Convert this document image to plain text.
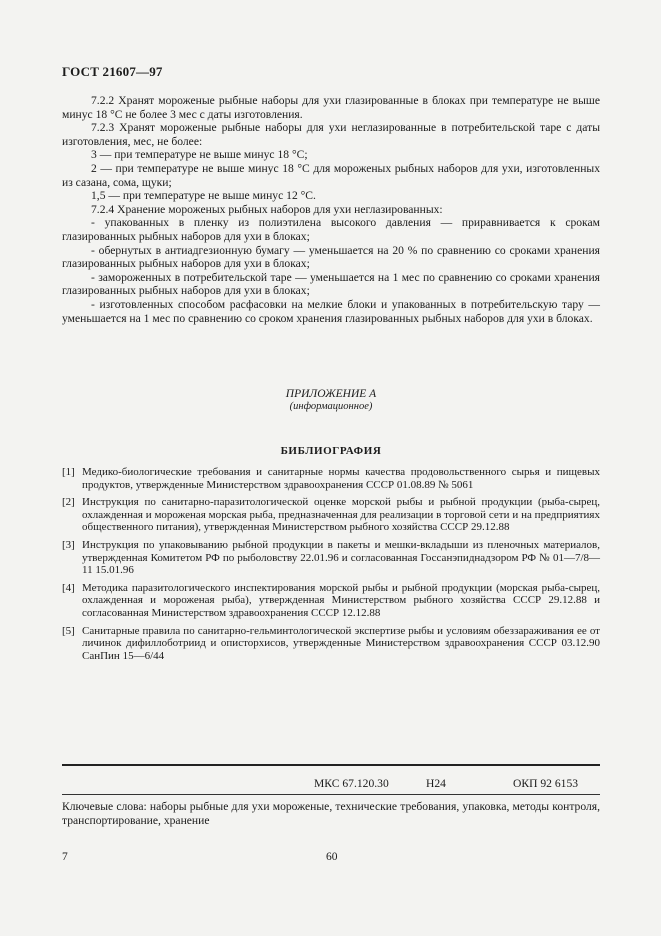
ГОСТ 21607—97

7.2.2 Хранят мороженые рыбные наборы для ухи глазированные в блоках при температуре не выше минус 18 °С не более 3 мес с даты изготовления.

7.2.3 Хранят мороженые рыбные наборы для ухи неглазированные в потребительской таре с даты изготовления, мес, не более:

3 — при температуре не выше минус 18 °С;

2 — при температуре не выше минус 18 °С для мороженых рыбных наборов для ухи, изготовленных из сазана, сома, щуки;

1,5 — при температуре не выше минус 12 °С.

7.2.4 Хранение мороженых рыбных наборов для ухи неглазированных:

- упакованных в пленку из полиэтилена высокого давления — приравнивается к срокам глазированных рыбных наборов для ухи в блоках;

- обернутых в антиадгезионную бумагу — уменьшается на 20 % по сравнению со сроками хранения глазированных рыбных наборов для ухи в блоках;

- замороженных в потребительской таре — уменьшается на 1 мес по сравнению со сроками хранения глазированных рыбных наборов для ухи в блоках;

- изготовленных способом расфасовки на мелкие блоки и упакованных в потребительскую тару — уменьшается на 1 мес по сравнению со сроком хранения глазированных рыбных наборов для ухи в блоках.

ПРИЛОЖЕНИЕ А
(информационное)
БИБЛИОГРАФИЯ
[1] Медико-биологические требования и санитарные нормы качества продовольственного сырья и пищевых продуктов, утвержденные Министерством здравоохранения СССР 01.08.89 № 5061
[2] Инструкция по санитарно-паразитологической оценке морской рыбы и рыбной продукции (рыба-сырец, охлажденная и мороженая морская рыба, предназначенная для реализации в торговой сети и на предприятиях общественного питания), утвержденная Министерством рыбного хозяйства СССР 29.12.88
[3] Инструкция по упаковыванию рыбной продукции в пакеты и мешки-вкладыши из пленочных материалов, утвержденная Комитетом РФ по рыболовству 22.01.96 и согласованная Госсанэпиднадзором РФ № 01—7/8—11 15.01.96
[4] Методика паразитологического инспектирования морской рыбы и рыбной продукции (морская рыба-сырец, охлажденная и мороженая рыба), утвержденная Министерством рыбного хозяйства СССР 29.12.88 и согласованная Министерством здравоохранения СССР 12.12.88
[5] Санитарные правила по санитарно-гельминтологической экспертизе рыбы и условиям обеззараживания ее от личинок дифиллоботриид и описторхисов, утвержденные Министерством здравоохранения СССР 03.12.90 СанПин 15—6/44
МКС 67.120.30	Н24	ОКП 92 6153
Ключевые слова: наборы рыбные для ухи мороженые, технические требования, упаковка, методы контроля, транспортирование, хранение
7	60
